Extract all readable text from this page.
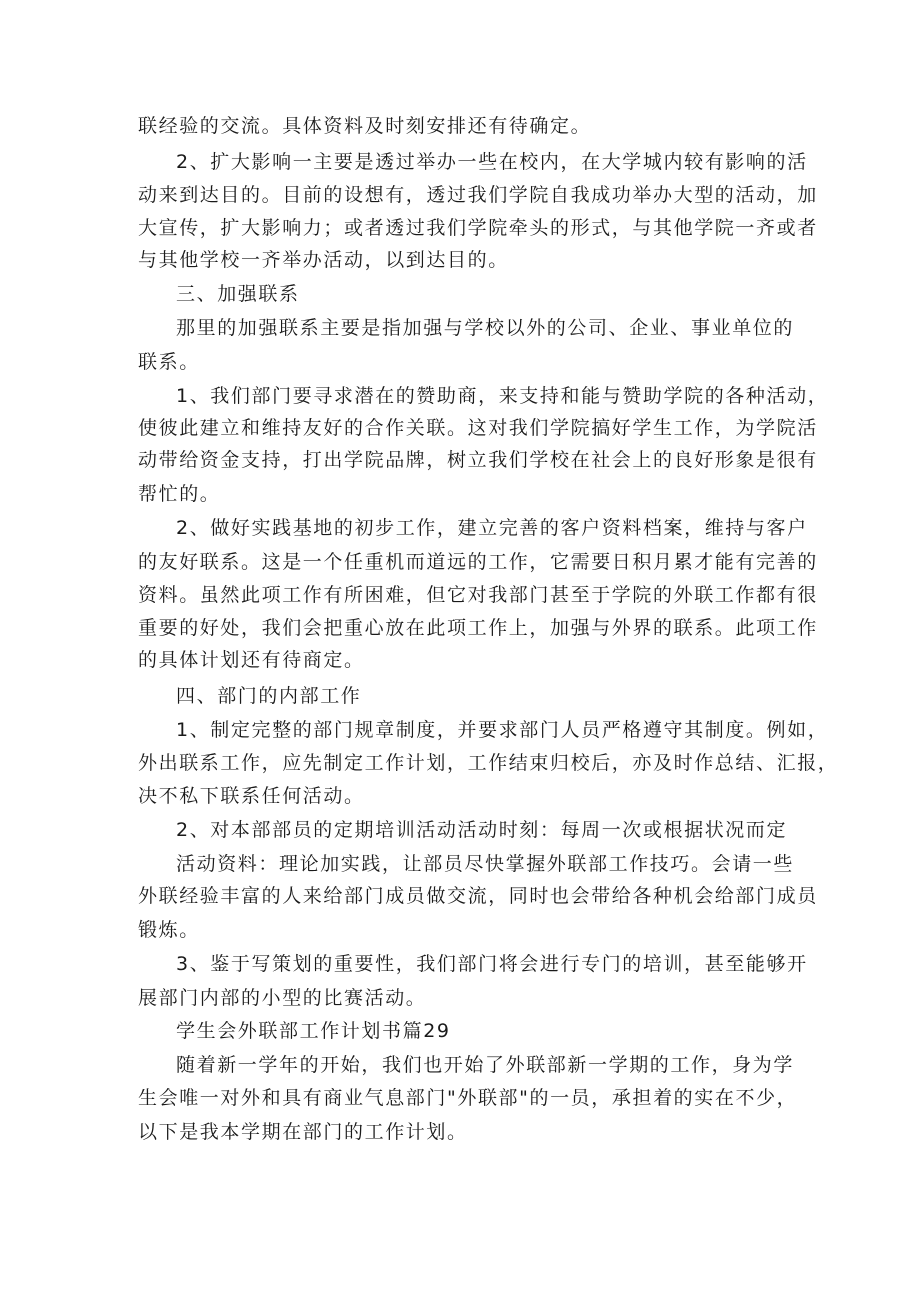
联经验的交流。具体资料及时刻安排还有待确定。
2、扩大影响一主要是透过举办一些在校内，在大学城内较有影响的活
动来到达目的。目前的设想有，透过我们学院自我成功举办大型的活动，加
大宣传，扩大影响力；或者透过我们学院牵头的形式，与其他学院一齐或者
与其他学校一齐举办活动，以到达目的。
三、加强联系
那里的加强联系主要是指加强与学校以外的公司、企业、事业单位的
联系。
1、我们部门要寻求潜在的赞助商，来支持和能与赞助学院的各种活动，
使彼此建立和维持友好的合作关联。这对我们学院搞好学生工作，为学院活
动带给资金支持，打出学院品牌，树立我们学校在社会上的良好形象是很有
帮忙的。
2、做好实践基地的初步工作，建立完善的客户资料档案，维持与客户
的友好联系。这是一个任重机而道远的工作，它需要日积月累才能有完善的
资料。虽然此项工作有所困难，但它对我部门甚至于学院的外联工作都有很
重要的好处，我们会把重心放在此项工作上，加强与外界的联系。此项工作
的具体计划还有待商定。
四、部门的内部工作
1、制定完整的部门规章制度，并要求部门人员严格遵守其制度。例如，
外出联系工作，应先制定工作计划，工作结束归校后，亦及时作总结、汇报，
决不私下联系任何活动。
2、对本部部员的定期培训活动活动时刻：每周一次或根据状况而定
活动资料：理论加实践，让部员尽快掌握外联部工作技巧。会请一些
外联经验丰富的人来给部门成员做交流，同时也会带给各种机会给部门成员
锻炼。
3、鉴于写策划的重要性，我们部门将会进行专门的培训，甚至能够开
展部门内部的小型的比赛活动。
学生会外联部工作计划书篇29
随着新一学年的开始，我们也开始了外联部新一学期的工作，身为学
生会唯一对外和具有商业气息部门"外联部"的一员，承担着的实在不少，
以下是我本学期在部门的工作计划。
